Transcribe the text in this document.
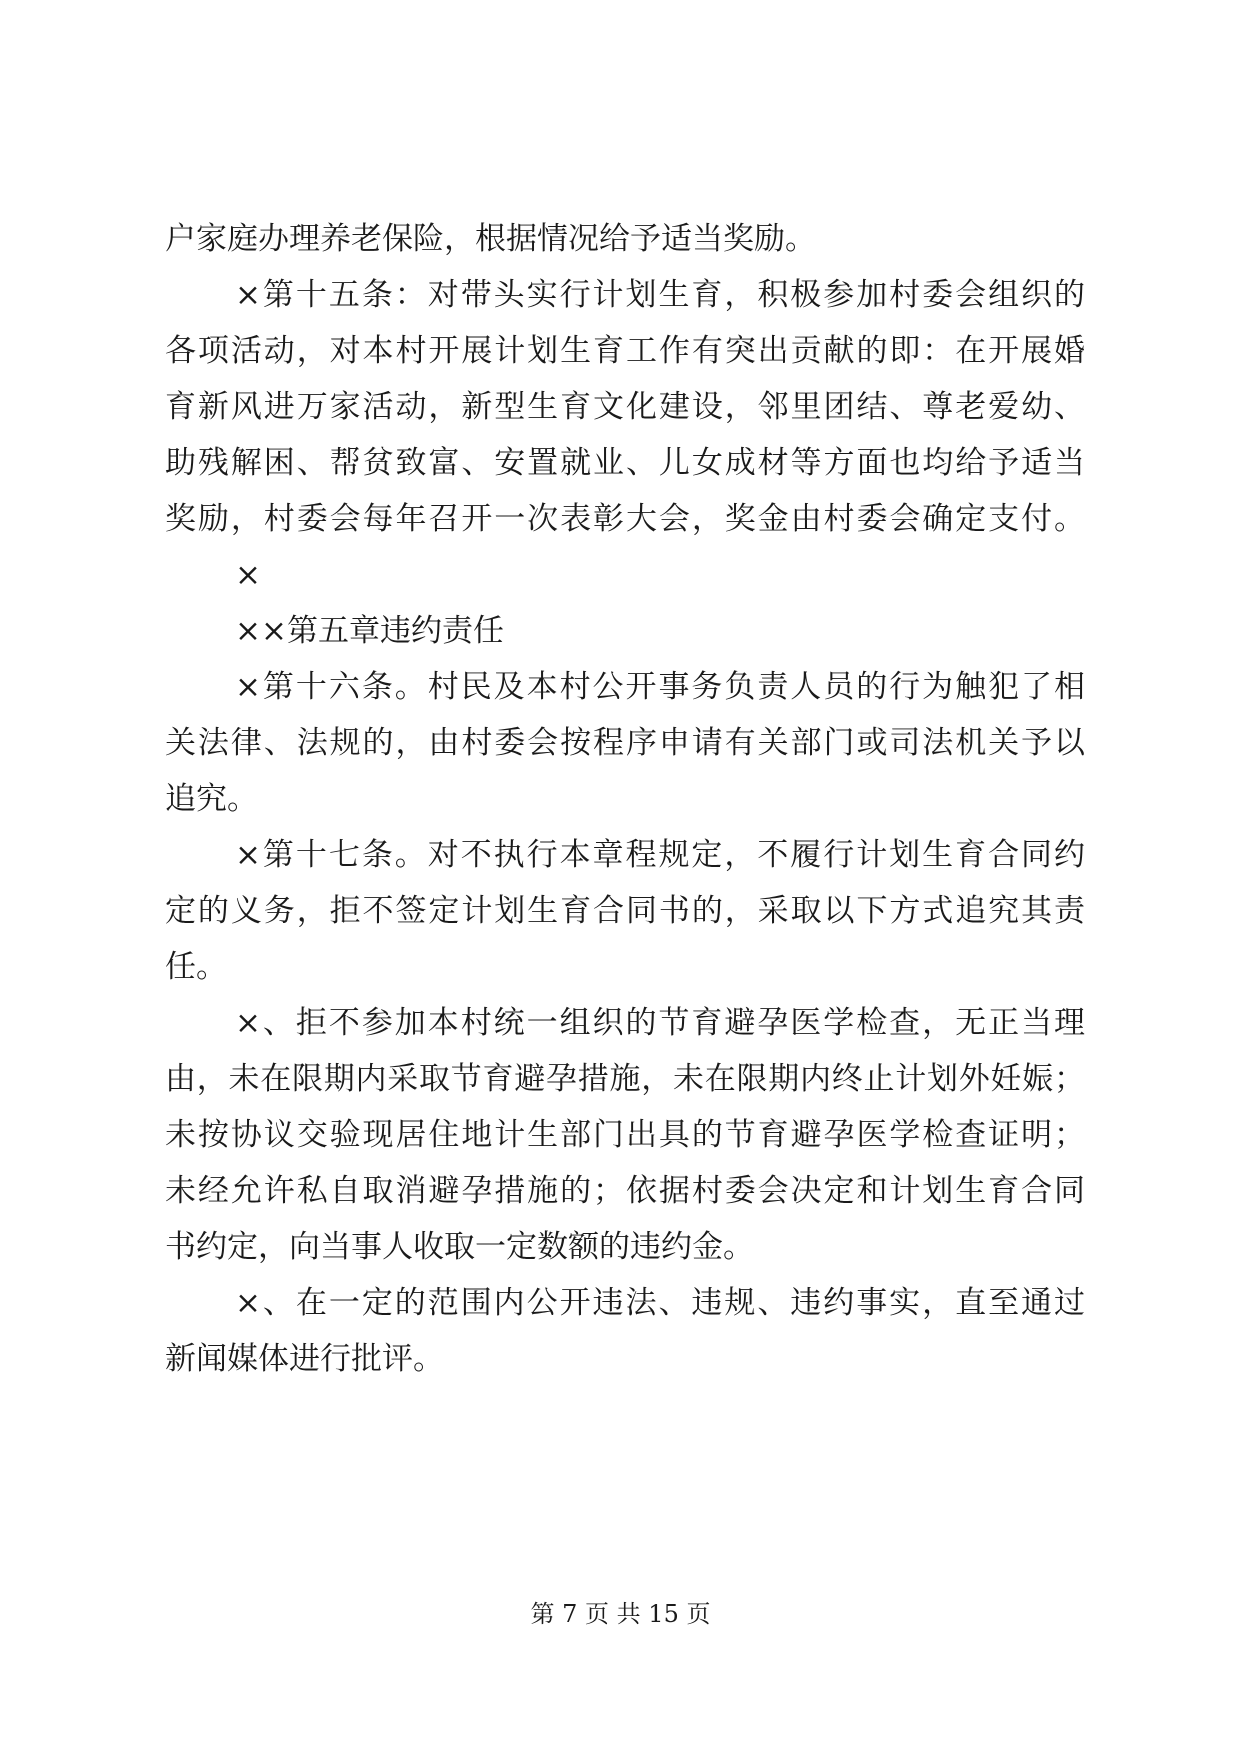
户家庭办理养老保险，根据情况给予适当奖励。
×第十五条：对带头实行计划生育，积极参加村委会组织的
各项活动，对本村开展计划生育工作有突出贡献的即：在开展婚
育新风进万家活动，新型生育文化建设，邻里团结、尊老爱幼、
助残解困、帮贫致富、安置就业、儿女成材等方面也均给予适当
奖励，村委会每年召开一次表彰大会，奖金由村委会确定支付。
×
××第五章违约责任
×第十六条。村民及本村公开事务负责人员的行为触犯了相
关法律、法规的，由村委会按程序申请有关部门或司法机关予以
追究。
×第十七条。对不执行本章程规定，不履行计划生育合同约
定的义务，拒不签定计划生育合同书的，采取以下方式追究其责
任。
×、拒不参加本村统一组织的节育避孕医学检查，无正当理
由，未在限期内采取节育避孕措施，未在限期内终止计划外妊娠；
未按协议交验现居住地计生部门出具的节育避孕医学检查证明；
未经允许私自取消避孕措施的；依据村委会决定和计划生育合同
书约定，向当事人收取一定数额的违约金。
×、在一定的范围内公开违法、违规、违约事实，直至通过
新闻媒体进行批评。
第 7 页 共 15 页
